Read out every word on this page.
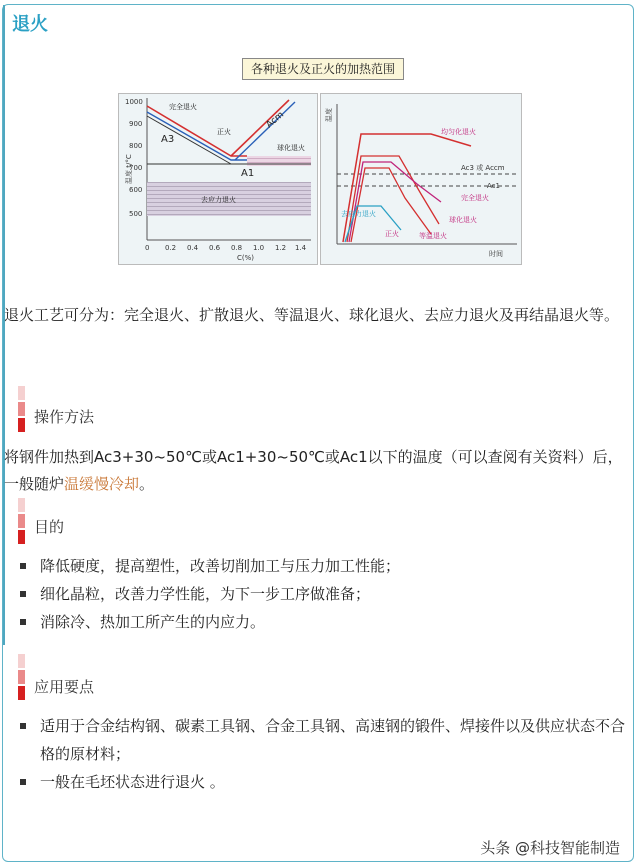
退火
各种退火及正火的加热范围
1000
900
800
700
600
500
0 0.2 0.4 0.6 0.8 1.0 1.2 1.4
C(%)
温度 t/°C
完全退火
正火
A3
Acm
球化退火
A1
去应力退火
温度
时间
均匀化退火
Ac3 或 Accm
Ac1
完全退火
去应力退火
球化退火
正火	等温退火
退火工艺可分为：完全退火、扩散退火、等温退火、球化退火、去应力退火及再结晶退火等。
操作方法
将钢件加热到Ac3+30~50℃或Ac1+30~50℃或Ac1以下的温度（可以查阅有关资料）后，一般随炉温缓慢冷却。
目的
降低硬度，提高塑性，改善切削加工与压力加工性能；
细化晶粒，改善力学性能，为下一步工序做准备；
消除冷、热加工所产生的内应力。
应用要点
适用于合金结构钢、碳素工具钢、合金工具钢、高速钢的锻件、焊接件以及供应状态不合格的原材料；
一般在毛坯状态进行退火 。
头条 @科技智能制造
